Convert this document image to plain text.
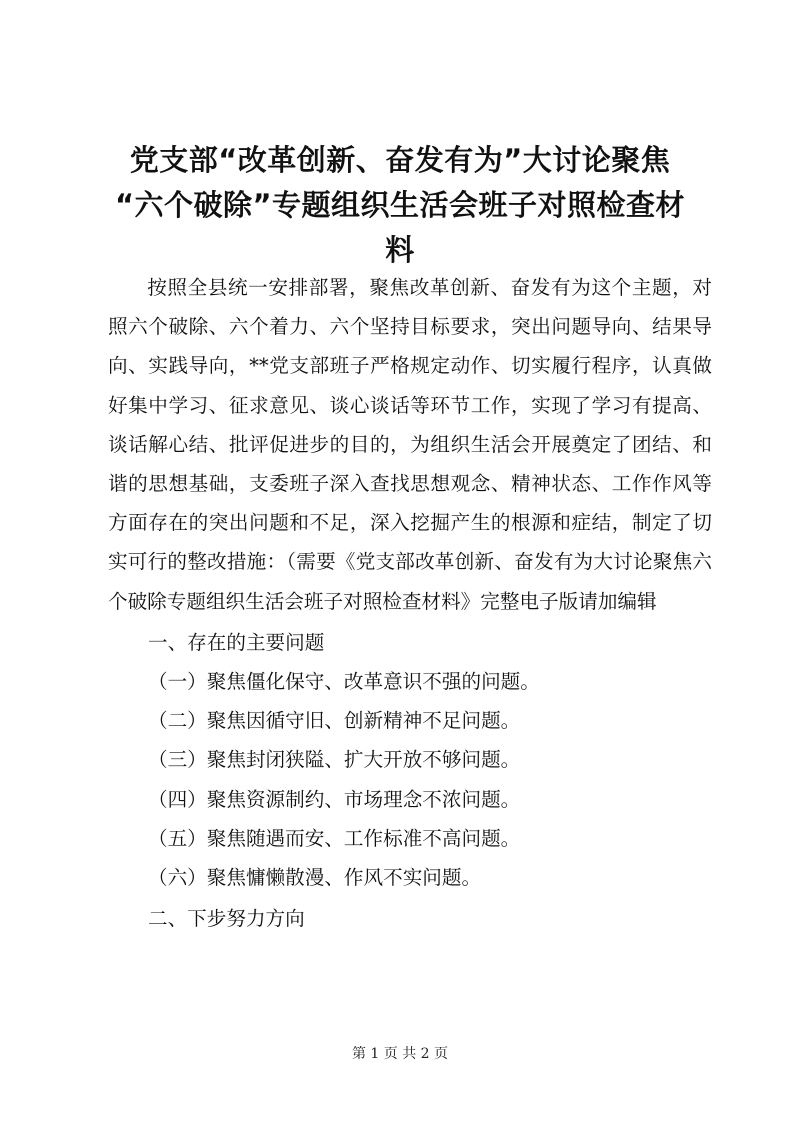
党支部“改革创新、奋发有为”大讨论聚焦
“六个破除”专题组织生活会班子对照检查材
料

按照全县统一安排部署，聚焦改革创新、奋发有为这个主题，对照六个破除、六个着力、六个坚持目标要求，突出问题导向、结果导向、实践导向，**党支部班子严格规定动作、切实履行程序，认真做好集中学习、征求意见、谈心谈话等环节工作，实现了学习有提高、谈话解心结、批评促进步的目的，为组织生活会开展奠定了团结、和谐的思想基础，支委班子深入查找思想观念、精神状态、工作作风等方面存在的突出问题和不足，深入挖掘产生的根源和症结，制定了切实可行的整改措施：（需要《党支部改革创新、奋发有为大讨论聚焦六个破除专题组织生活会班子对照检查材料》完整电子版请加编辑

一、存在的主要问题

（一）聚焦僵化保守、改革意识不强的问题。

（二）聚焦因循守旧、创新精神不足问题。

（三）聚焦封闭狭隘、扩大开放不够问题。

（四）聚焦资源制约、市场理念不浓问题。

（五）聚焦随遇而安、工作标准不高问题。

（六）聚焦慵懒散漫、作风不实问题。

二、下步努力方向

第 1 页 共 2 页
